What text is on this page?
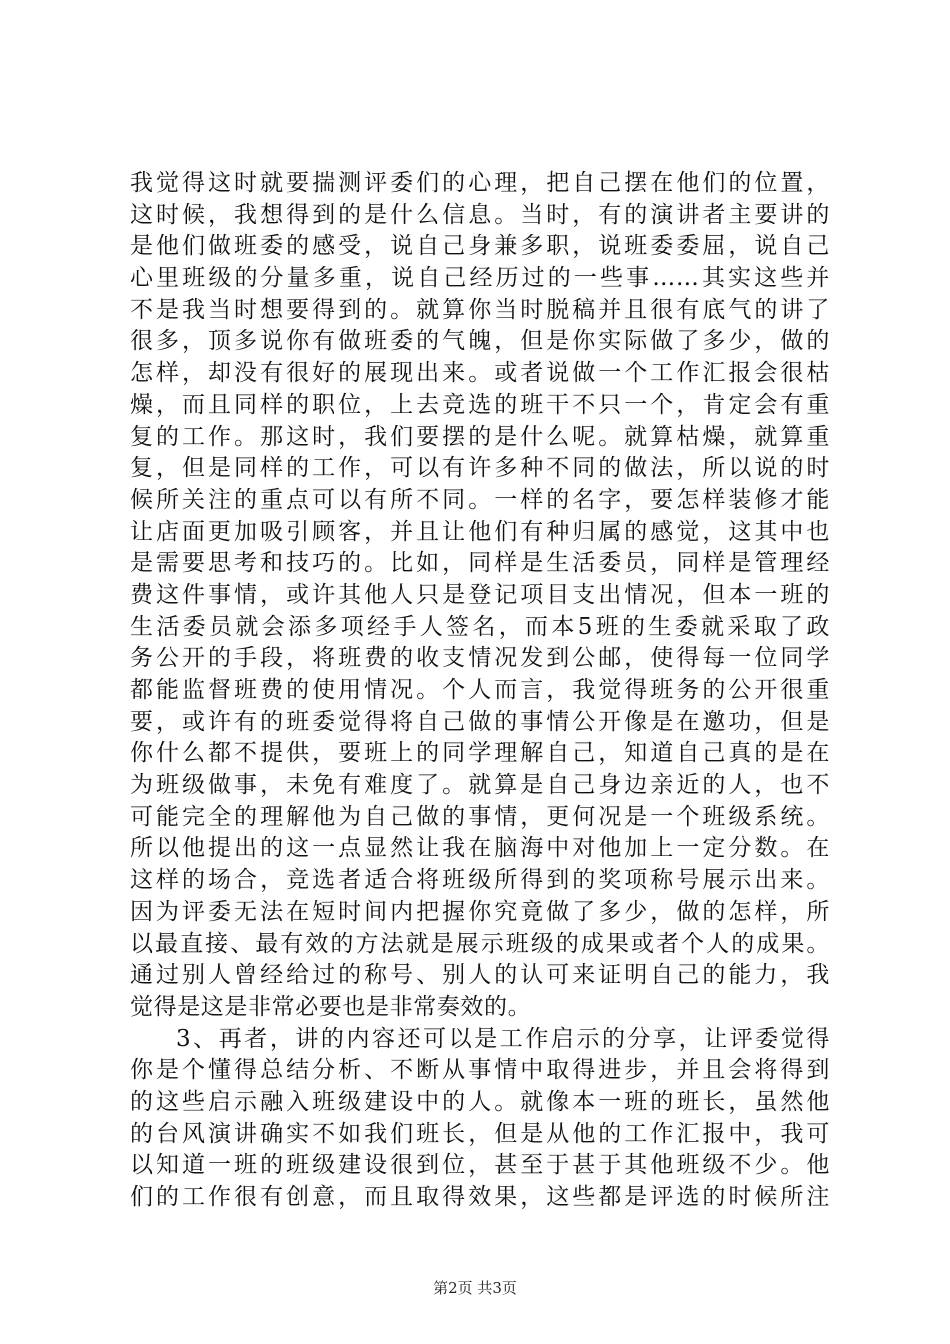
我觉得这时就要揣测评委们的心理，把自己摆在他们的位置，
这时候，我想得到的是什么信息。当时，有的演讲者主要讲的
是他们做班委的感受，说自己身兼多职，说班委委屈，说自己
心里班级的分量多重，说自己经历过的一些事……其实这些并
不是我当时想要得到的。就算你当时脱稿并且很有底气的讲了
很多，顶多说你有做班委的气魄，但是你实际做了多少，做的
怎样，却没有很好的展现出来。或者说做一个工作汇报会很枯
燥，而且同样的职位，上去竞选的班干不只一个，肯定会有重
复的工作。那这时，我们要摆的是什么呢。就算枯燥，就算重
复，但是同样的工作，可以有许多种不同的做法，所以说的时
候所关注的重点可以有所不同。一样的名字，要怎样装修才能
让店面更加吸引顾客，并且让他们有种归属的感觉，这其中也
是需要思考和技巧的。比如，同样是生活委员，同样是管理经
费这件事情，或许其他人只是登记项目支出情况，但本一班的
生活委员就会添多项经手人签名，而本5班的生委就采取了政
务公开的手段，将班费的收支情况发到公邮，使得每一位同学
都能监督班费的使用情况。个人而言，我觉得班务的公开很重
要，或许有的班委觉得将自己做的事情公开像是在邀功，但是
你什么都不提供，要班上的同学理解自己，知道自己真的是在
为班级做事，未免有难度了。就算是自己身边亲近的人，也不
可能完全的理解他为自己做的事情，更何况是一个班级系统。
所以他提出的这一点显然让我在脑海中对他加上一定分数。在
这样的场合，竞选者适合将班级所得到的奖项称号展示出来。
因为评委无法在短时间内把握你究竟做了多少，做的怎样，所
以最直接、最有效的方法就是展示班级的成果或者个人的成果。
通过别人曾经给过的称号、别人的认可来证明自己的能力，我
觉得是这是非常必要也是非常奏效的。
3、再者，讲的内容还可以是工作启示的分享，让评委觉得
你是个懂得总结分析、不断从事情中取得进步，并且会将得到
的这些启示融入班级建设中的人。就像本一班的班长，虽然他
的台风演讲确实不如我们班长，但是从他的工作汇报中，我可
以知道一班的班级建设很到位，甚至于甚于其他班级不少。他
们的工作很有创意，而且取得效果，这些都是评选的时候所注
第2页 共3页
